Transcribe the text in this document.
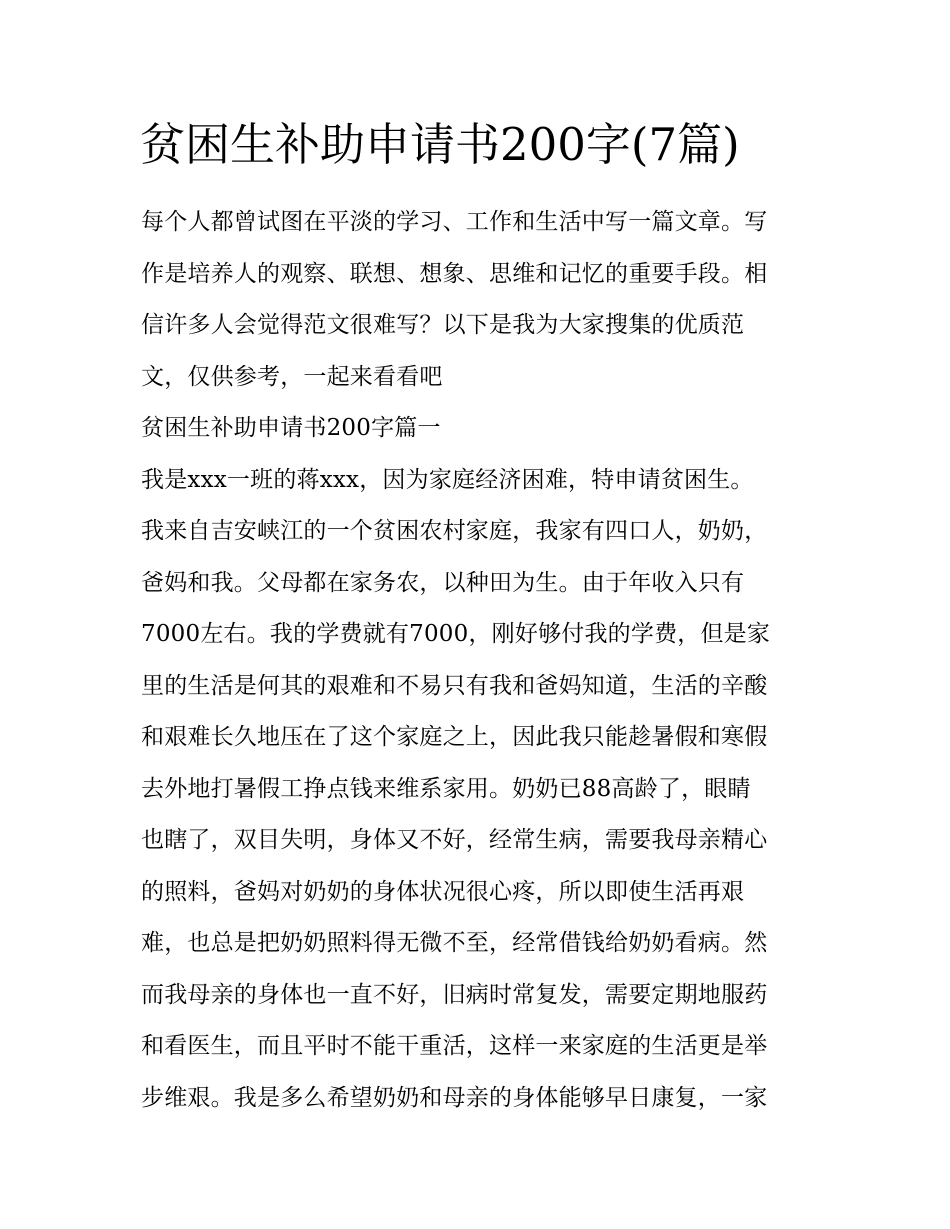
贫困生补助申请书200字(7篇)
每个人都曾试图在平淡的学习、工作和生活中写一篇文章。写
作是培养人的观察、联想、想象、思维和记忆的重要手段。相
信许多人会觉得范文很难写？以下是我为大家搜集的优质范
文，仅供参考，一起来看看吧
贫困生补助申请书200字篇一
我是xxx一班的蒋xxx，因为家庭经济困难，特申请贫困生。
我来自吉安峡江的一个贫困农村家庭，我家有四口人，奶奶，
爸妈和我。父母都在家务农，以种田为生。由于年收入只有
7000左右。我的学费就有7000，刚好够付我的学费，但是家
里的生活是何其的艰难和不易只有我和爸妈知道，生活的辛酸
和艰难长久地压在了这个家庭之上，因此我只能趁暑假和寒假
去外地打暑假工挣点钱来维系家用。奶奶已88高龄了，眼睛
也瞎了，双目失明，身体又不好，经常生病，需要我母亲精心
的照料，爸妈对奶奶的身体状况很心疼，所以即使生活再艰
难，也总是把奶奶照料得无微不至，经常借钱给奶奶看病。然
而我母亲的身体也一直不好，旧病时常复发，需要定期地服药
和看医生，而且平时不能干重活，这样一来家庭的生活更是举
步维艰。我是多么希望奶奶和母亲的身体能够早日康复，一家
